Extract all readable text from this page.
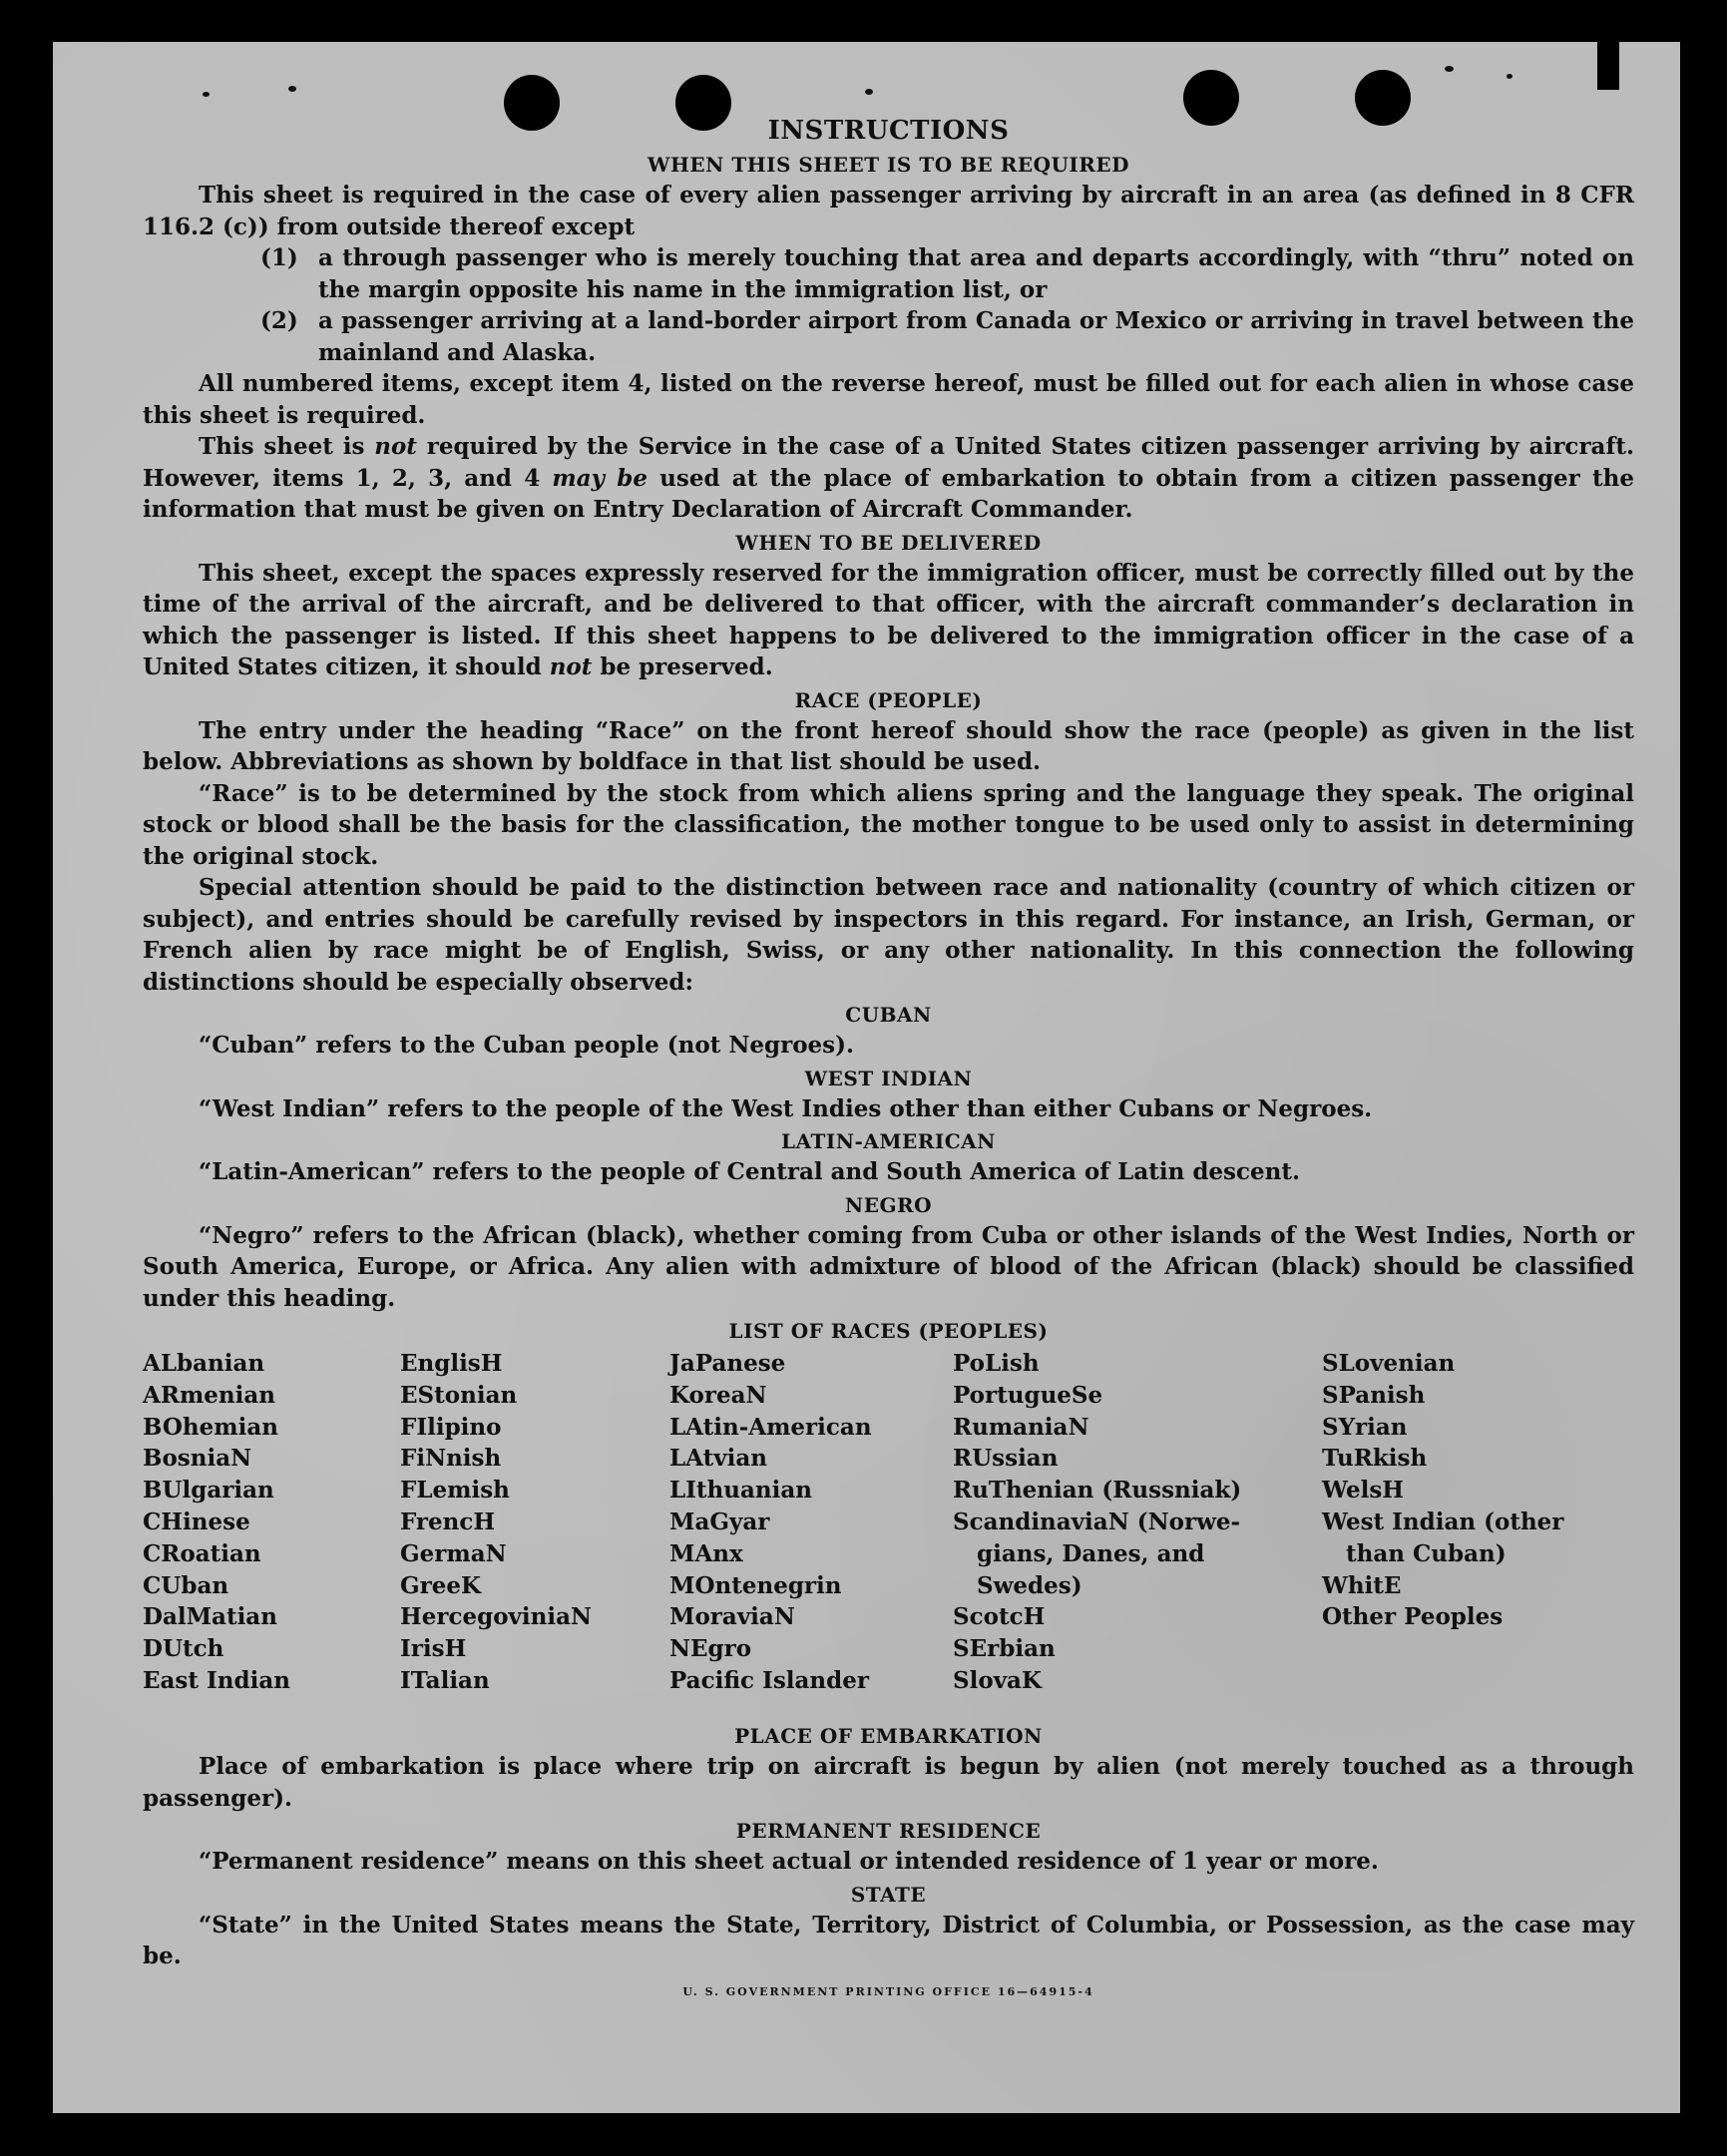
INSTRUCTIONS
WHEN THIS SHEET IS TO BE REQUIRED

This sheet is required in the case of every alien passenger arriving by aircraft in an area (as defined in 8 CFR 116.2 (c)) from outside thereof except

(1) a through passenger who is merely touching that area and departs accordingly, with “thru” noted on the margin opposite his name in the immigration list, or
(2) a passenger arriving at a land-border airport from Canada or Mexico or arriving in travel between the mainland and Alaska.

All numbered items, except item 4, listed on the reverse hereof, must be filled out for each alien in whose case this sheet is required.

This sheet is not required by the Service in the case of a United States citizen passenger arriving by aircraft. However, items 1, 2, 3, and 4 may be used at the place of embarkation to obtain from a citizen passenger the information that must be given on Entry Declaration of Aircraft Commander.

WHEN TO BE DELIVERED

This sheet, except the spaces expressly reserved for the immigration officer, must be correctly filled out by the time of the arrival of the aircraft, and be delivered to that officer, with the aircraft commander’s declaration in which the passenger is listed. If this sheet happens to be delivered to the immigration officer in the case of a United States citizen, it should not be preserved.

RACE (PEOPLE)

The entry under the heading “Race” on the front hereof should show the race (people) as given in the list below. Abbreviations as shown by boldface in that list should be used.

“Race” is to be determined by the stock from which aliens spring and the language they speak. The original stock or blood shall be the basis for the classification, the mother tongue to be used only to assist in determining the original stock.

Special attention should be paid to the distinction between race and nationality (country of which citizen or subject), and entries should be carefully revised by inspectors in this regard. For instance, an Irish, German, or French alien by race might be of English, Swiss, or any other nationality. In this connection the following distinctions should be especially observed:

CUBAN

“Cuban” refers to the Cuban people (not Negroes).

WEST INDIAN

“West Indian” refers to the people of the West Indies other than either Cubans or Negroes.

LATIN-AMERICAN

“Latin-American” refers to the people of Central and South America of Latin descent.

NEGRO

“Negro” refers to the African (black), whether coming from Cuba or other islands of the West Indies, North or South America, Europe, or Africa. Any alien with admixture of blood of the African (black) should be classified under this heading.

LIST OF RACES (PEOPLES)
ALbanian
ARmenian
BOhemian
BosniaN
BUlgarian
CHinese
CRoatian
CUban
DalMatian
DUtch
East Indian
EnglisH
EStonian
FIlipino
FiNnish
FLemish
FrencH
GermaN
GreeK
HercegoviniaN
IrisH
ITalian
JaPanese
KoreaN
LAtin-American
LAtvian
LIthuanian
MaGyar
MAnx
MOntenegrin
MoraviaN
NEgro
Pacific Islander
PoLish
PortugueSe
RumaniaN
RUssian
RuThenian (Russniak)
ScandinaviaN (Norwe-
gians, Danes, and
Swedes)
ScotcH
SErbian
SlovaK
SLovenian
SPanish
SYrian
TuRkish
WelsH
West Indian (other
than Cuban)
WhitE
Other Peoples
PLACE OF EMBARKATION

Place of embarkation is place where trip on aircraft is begun by alien (not merely touched as a through passenger).

PERMANENT RESIDENCE

“Permanent residence” means on this sheet actual or intended residence of 1 year or more.

STATE

“State” in the United States means the State, Territory, District of Columbia, or Possession, as the case may be.

U. S. GOVERNMENT PRINTING OFFICE 16—64915-4
